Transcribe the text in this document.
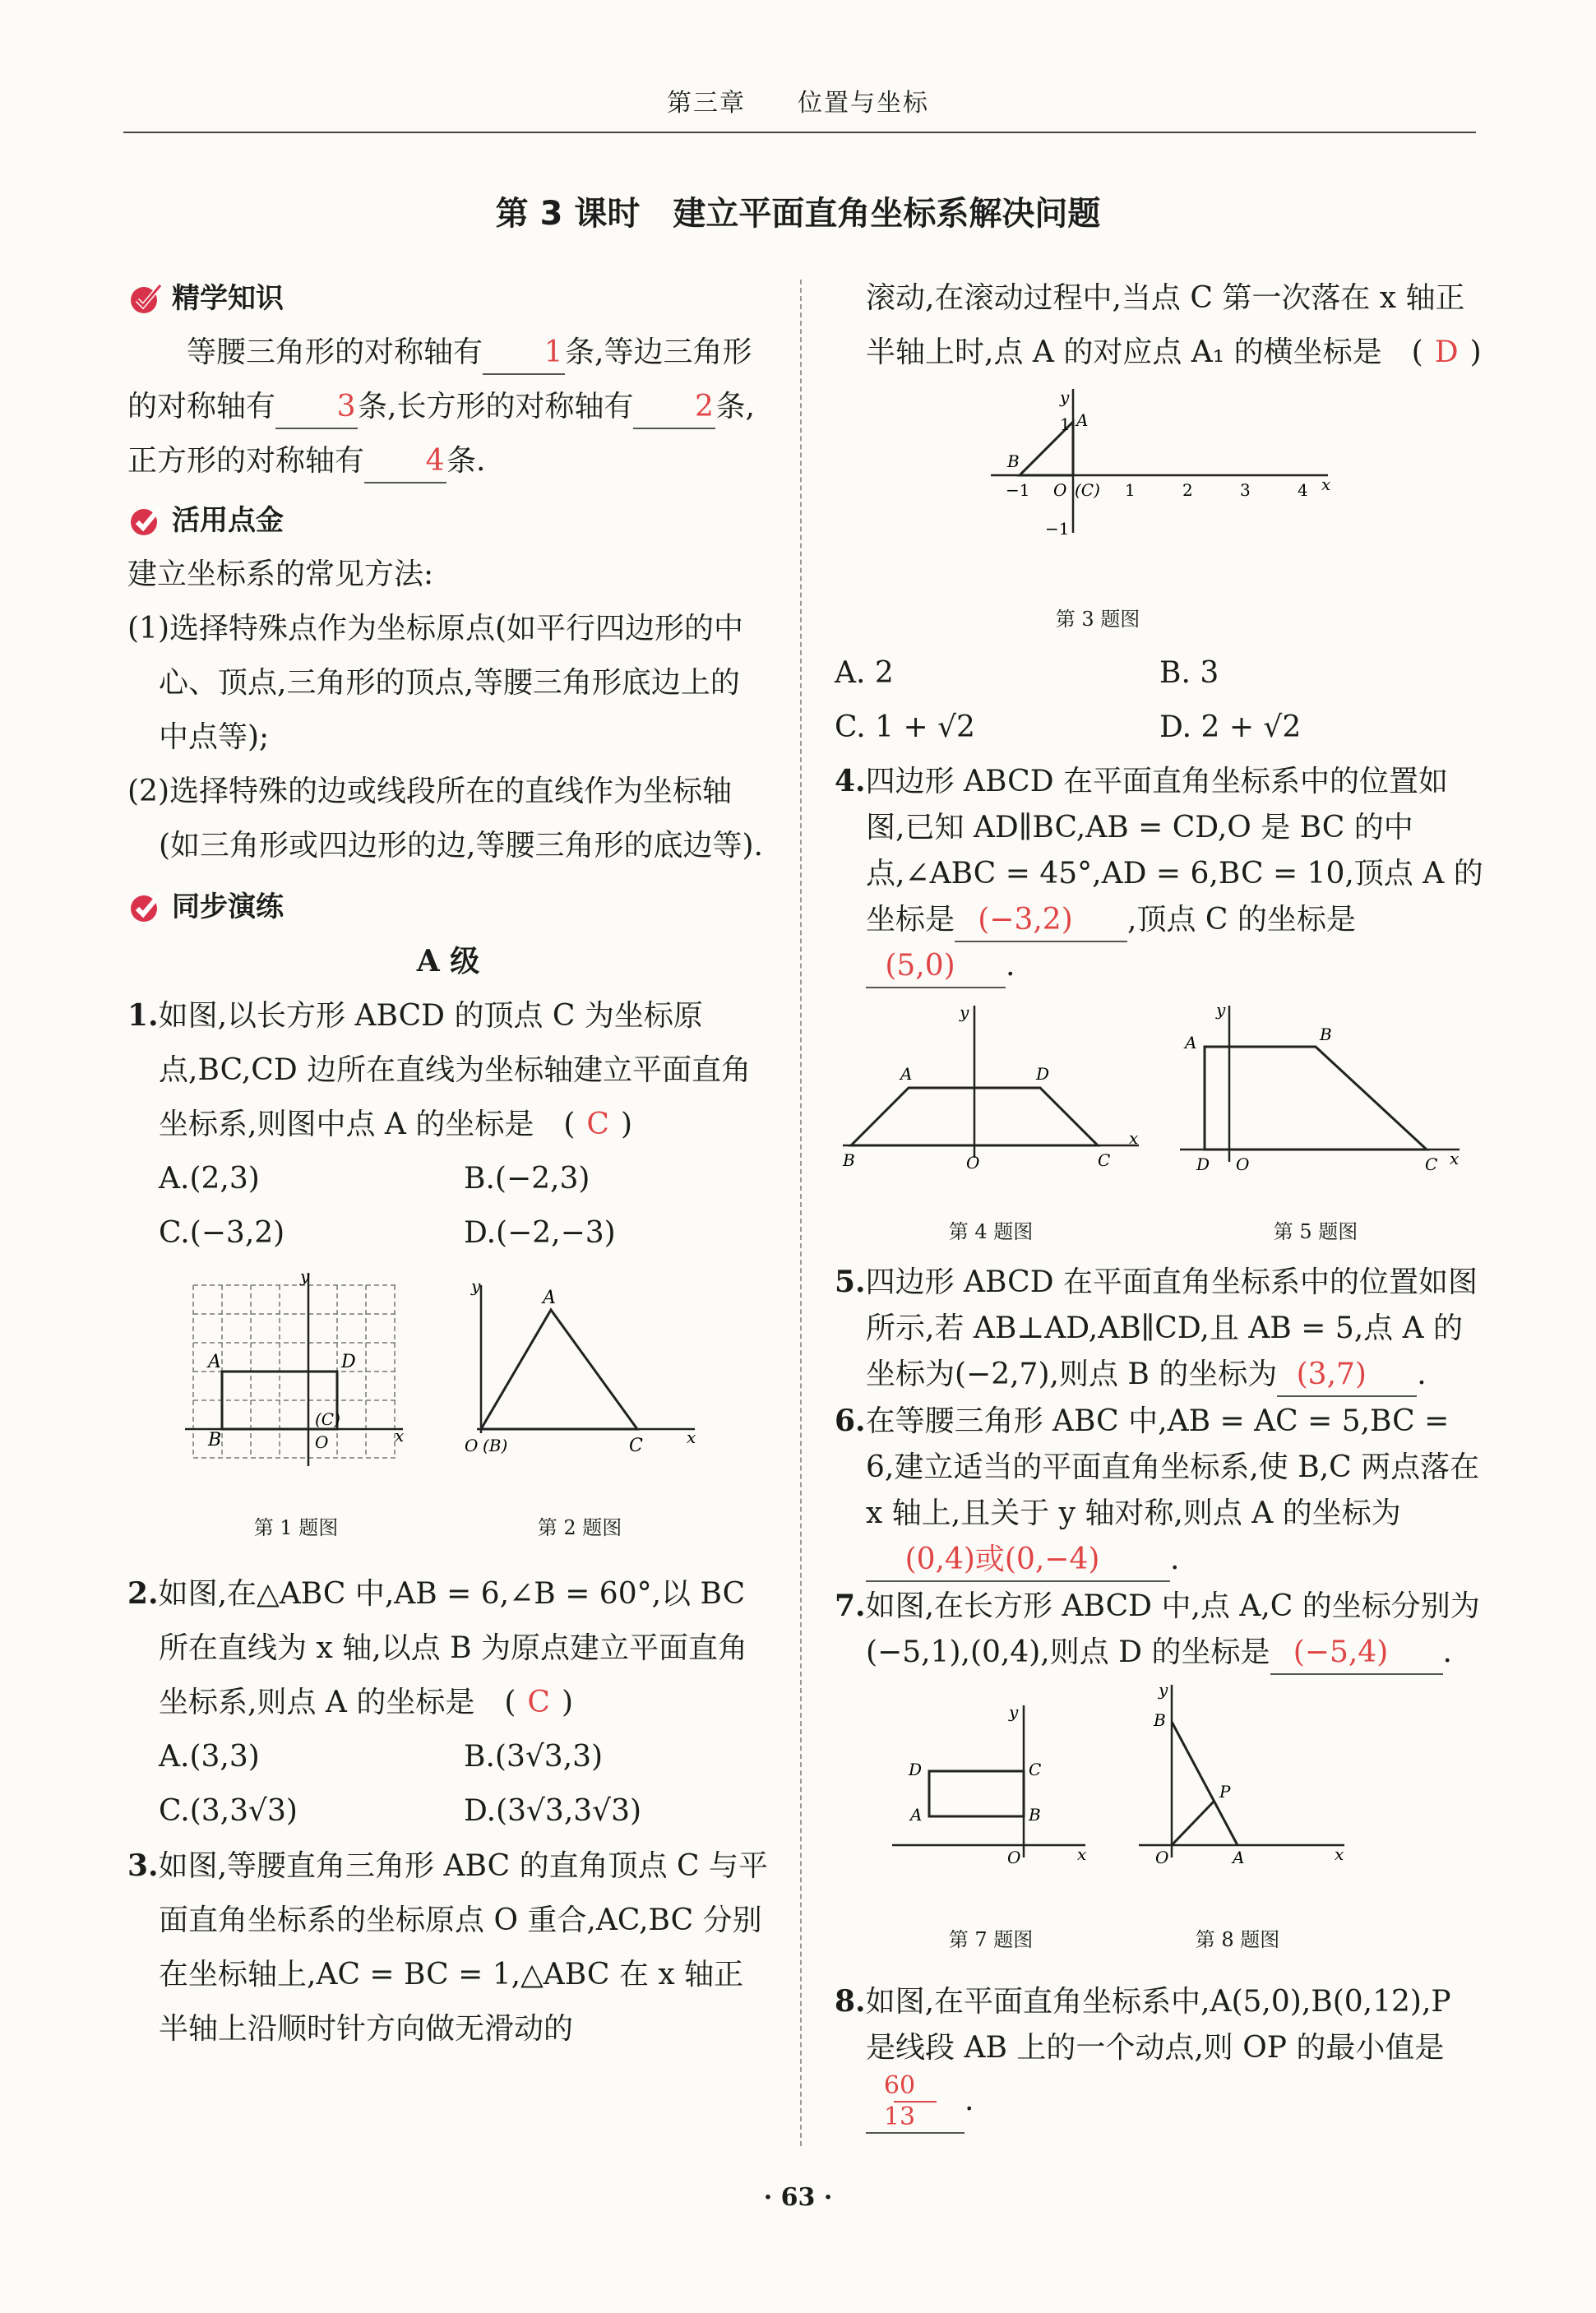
第三章 位置与坐标
第 3 课时　建立平面直角坐标系解决问题
精学知识

等腰三角形的对称轴有 1条,等边三角形的对称轴有 3条,长方形的对称轴有 2条,正方形的对称轴有 4条.

活用点金

建立坐标系的常见方法:

(1)选择特殊点作为坐标原点(如平行四边形的中心、顶点,三角形的顶点,等腰三角形底边上的中点等);

(2)选择特殊的边或线段所在的直线作为坐标轴(如三角形或四边形的边,等腰三角形的底边等).

同步演练

A 级

1.如图,以长方形 ABCD 的顶点 C 为坐标原点,BC,CD 边所在直线为坐标轴建立平面直角坐标系,则图中点 A 的坐标是　( C )

A.(2,3)	B.(−2,3)
C.(−3,2)	D.(−2,−3)
y
x
A	D
B
(C)
O
第 1 题图
y
x
A
O (B)	C
第 2 题图

2.如图,在△ABC 中,AB = 6,∠B = 60°,以 BC 所在直线为 x 轴,以点 B 为原点建立平面直角坐标系,则点 A 的坐标是　( C )

A.(3,3)	B.(3√3,3)
C.(3,3√3)	D.(3√3,3√3)

3.如图,等腰直角三角形 ABC 的直角顶点 C 与平面直角坐标系的坐标原点 O 重合,AC,BC 分别在坐标轴上,AC = BC = 1,△ABC 在 x 轴正半轴上沿顺时针方向做无滑动的

滚动,在滚动过程中,当点 C 第一次落在 x 轴正半轴上时,点 A 的对应点 A₁ 的横坐标是　( D )

y
x
A
1
B
−1 O (C) 1	2	3	4
−1
第 3 题图
A. 2	B. 3
C. 1 + √2	D. 2 + √2

4.四边形 ABCD 在平面直角坐标系中的位置如图,已知 AD∥BC,AB = CD,O 是 BC 的中点,∠ABC = 45°,AD = 6,BC = 10,顶点 A 的坐标是 (−3,2) ,顶点 C 的坐标是(5,0) .

y
x
A	D
B	O	C
第 4 题图
y
x
A	B
D O	C
第 5 题图

5.四边形 ABCD 在平面直角坐标系中的位置如图所示,若 AB⊥AD,AB∥CD,且 AB = 5,点 A 的坐标为(−2,7),则点 B 的坐标为 (3,7) .

6.在等腰三角形 ABC 中,AB = AC = 5,BC = 6,建立适当的平面直角坐标系,使 B,C 两点落在 x 轴上,且关于 y 轴对称,则点 A 的坐标为(0,4)或(0,−4) .

7.如图,在长方形 ABCD 中,点 A,C 的坐标分别为(−5,1),(0,4),则点 D 的坐标是 (−5,4) .

y
x
D	C
A	B
O
第 7 题图
y
x
B
P
O	A
第 8 题图

8.如图,在平面直角坐标系中,A(5,0),B(0,12),P 是线段 AB 上的一个动点,则 OP 的最小值是
$\frac{60}{13}$ .

· 63 ·
